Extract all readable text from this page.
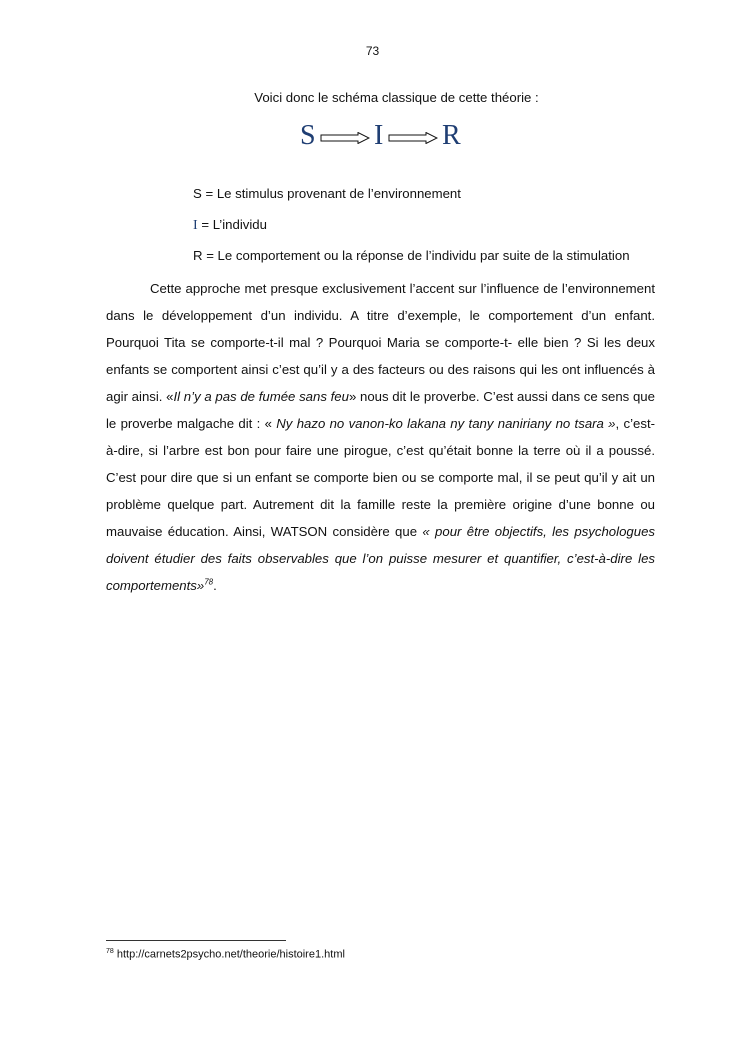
73
Voici donc le schéma classique de cette théorie :
S I R
S = Le stimulus provenant de l’environnement
I = L’individu
R = Le comportement ou la réponse de l’individu par suite de la stimulation

Cette approche met presque exclusivement l’accent sur l’influence de l’environnement dans le développement d’un individu. A titre d’exemple, le comportement d’un enfant. Pourquoi Tita se comporte-t-il mal ? Pourquoi Maria se comporte-t- elle bien ? Si les deux enfants se comportent ainsi c’est qu’il y a des facteurs ou des raisons qui les ont influencés à agir ainsi. «Il n’y a pas de fumée sans feu» nous dit le proverbe. C’est aussi dans ce sens que le proverbe malgache dit : « Ny hazo no vanon-ko lakana ny tany naniriany no tsara », c’est-à-dire, si l’arbre est bon pour faire une pirogue, c’est qu’était bonne la terre où il a poussé. C’est pour dire que si un enfant se comporte bien ou se comporte mal, il se peut qu’il y ait un problème quelque part. Autrement dit la famille reste la première origine d’une bonne ou mauvaise éducation. Ainsi, WATSON considère que « pour être objectifs, les psychologues doivent étudier des faits observables que l’on puisse mesurer et quantifier, c’est-à-dire les comportements»$^{78}$.

$^{78}$ http://carnets2psycho.net/theorie/histoire1.html
